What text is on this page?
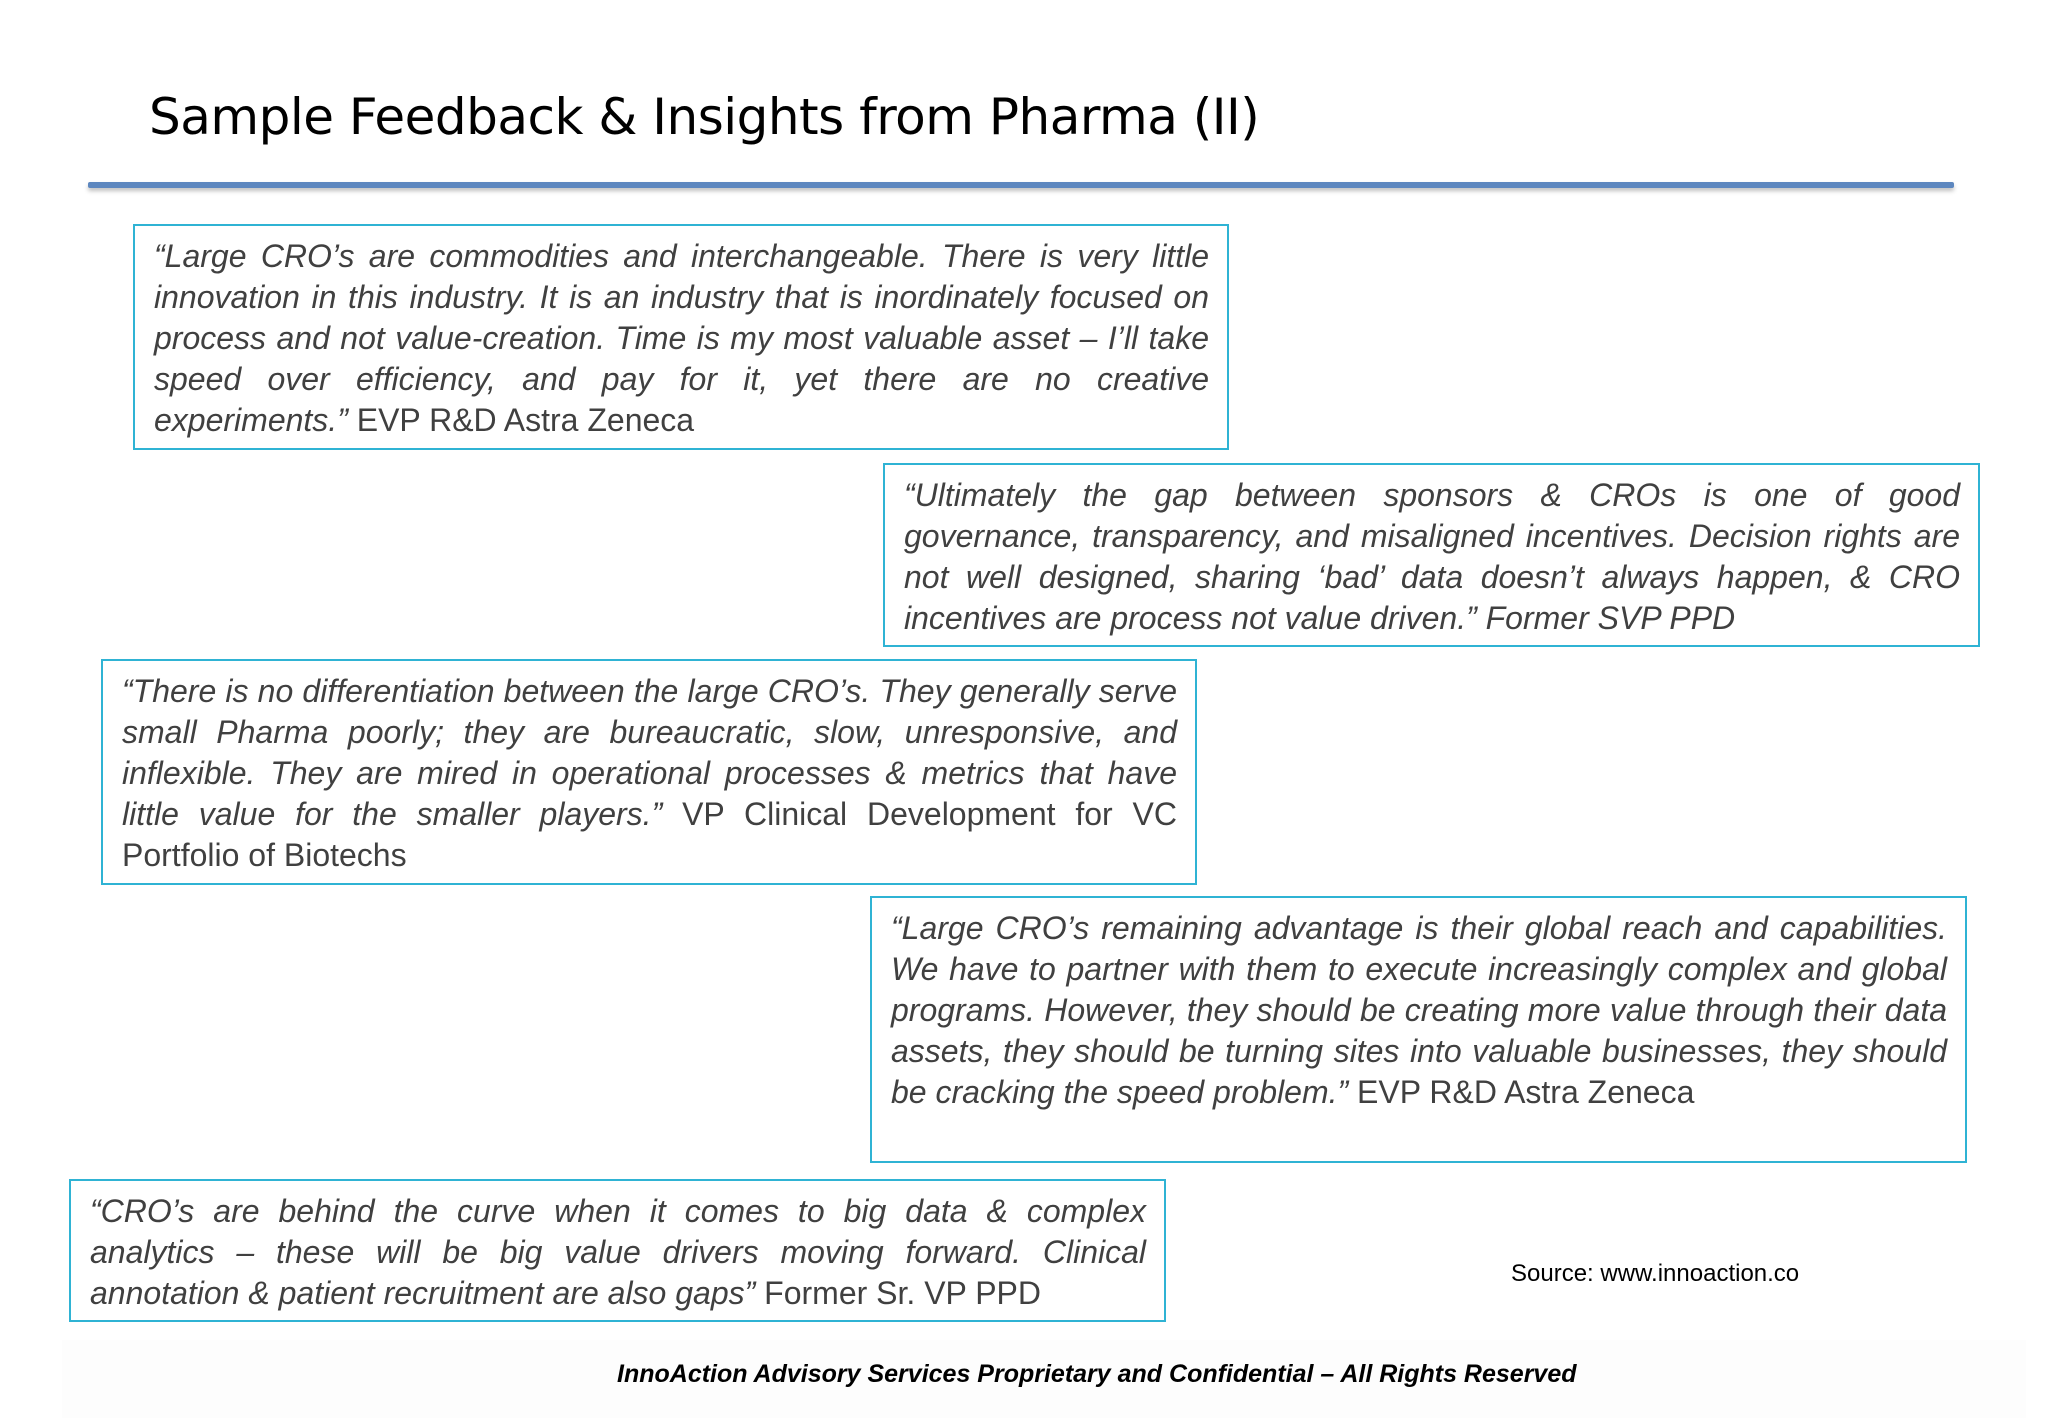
Sample Feedback & Insights from Pharma (II)
“Large CRO’s are commodities and interchangeable. There is very little innovation in this industry. It is an industry that is inordinately focused on process and not value-creation. Time is my most valuable asset – I’ll take speed over efficiency, and pay for it, yet there are no creative experiments.” EVP R&D Astra Zeneca
“Ultimately the gap between sponsors & CROs is one of good governance, transparency, and misaligned incentives. Decision rights are not well designed, sharing ‘bad’ data doesn’t always happen, & CRO incentives are process not value driven.” Former SVP PPD
“There is no differentiation between the large CRO’s. They generally serve small Pharma poorly; they are bureaucratic, slow, unresponsive, and inflexible. They are mired in operational processes & metrics that have little value for the smaller players.” VP Clinical Development for VC Portfolio of Biotechs
“Large CRO’s remaining advantage is their global reach and capabilities. We have to partner with them to execute increasingly complex and global programs. However, they should be creating more value through their data assets, they should be turning sites into valuable businesses, they should be cracking the speed problem.” EVP R&D Astra Zeneca
“CRO’s are behind the curve when it comes to big data & complex analytics – these will be big value drivers moving forward. Clinical annotation & patient recruitment are also gaps” Former Sr. VP PPD
Source: www.innoaction.co
InnoAction Advisory Services Proprietary and Confidential – All Rights Reserved
